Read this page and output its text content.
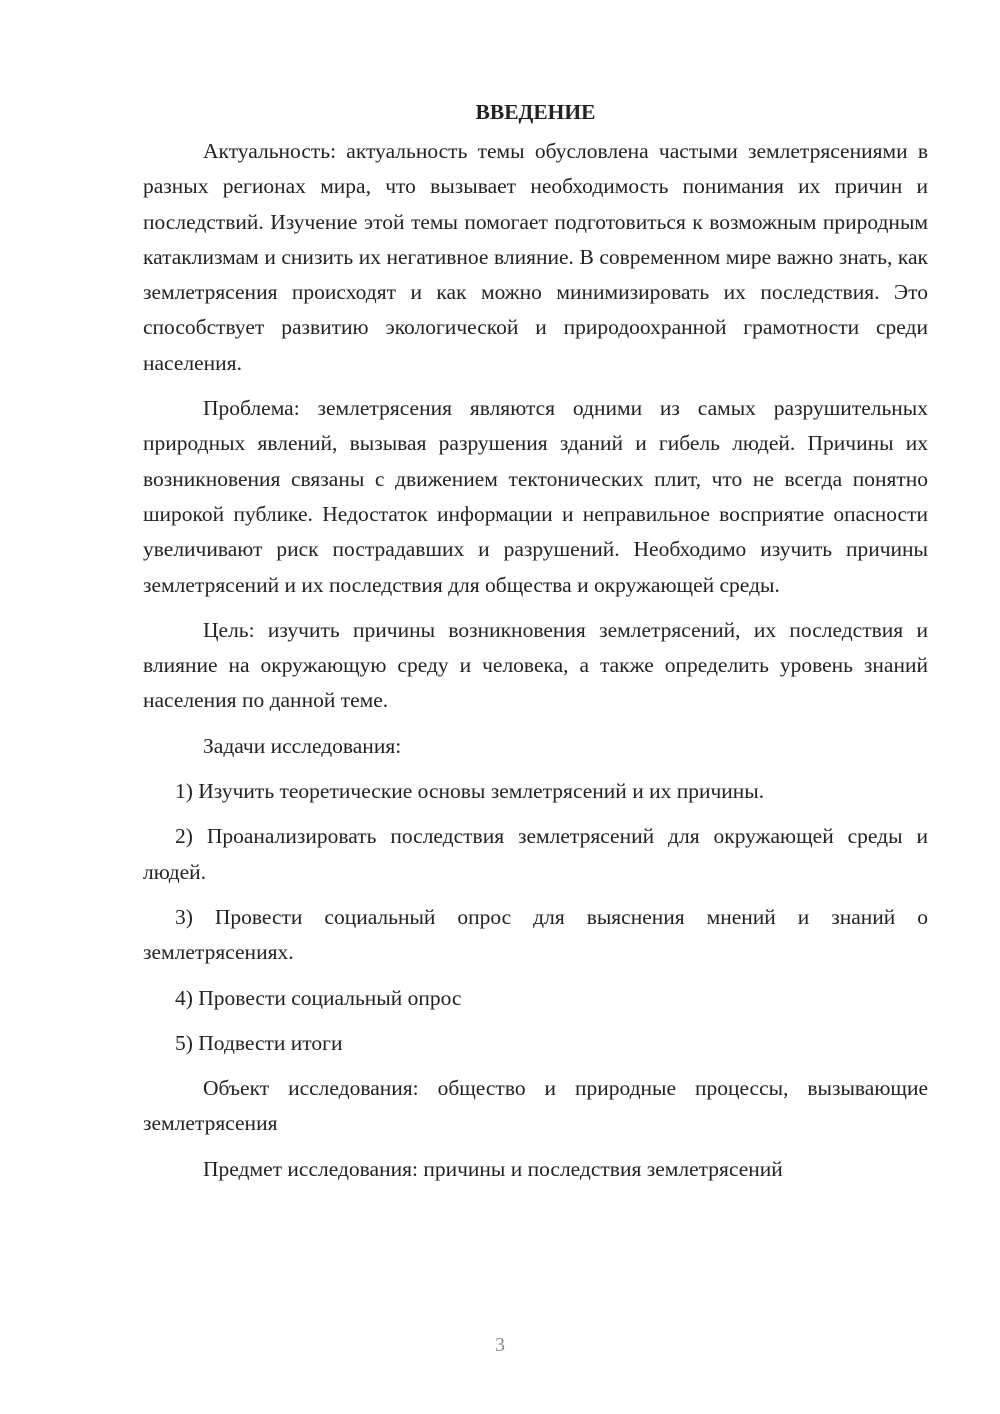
ВВЕДЕНИЕ

Актуальность: актуальность темы обусловлена частыми землетрясениями в разных регионах мира, что вызывает необходимость понимания их причин и последствий. Изучение этой темы помогает подготовиться к возможным природным катаклизмам и снизить их негативное влияние. В современном мире важно знать, как землетрясения происходят и как можно минимизировать их последствия. Это способствует развитию экологической и природоохранной грамотности среди населения.

Проблема: землетрясения являются одними из самых разрушительных природных явлений, вызывая разрушения зданий и гибель людей. Причины их возникновения связаны с движением тектонических плит, что не всегда понятно широкой публике. Недостаток информации и неправильное восприятие опасности увеличивают риск пострадавших и разрушений. Необходимо изучить причины землетрясений и их последствия для общества и окружающей среды.

Цель: изучить причины возникновения землетрясений, их последствия и влияние на окружающую среду и человека, а также определить уровень знаний населения по данной теме.

Задачи исследования:

1) Изучить теоретические основы землетрясений и их причины.

2) Проанализировать последствия землетрясений для окружающей среды и людей.

3) Провести социальный опрос для выяснения мнений и знаний о землетрясениях.

4) Провести социальный опрос

5) Подвести итоги

Объект исследования: общество и природные процессы, вызывающие землетрясения

Предмет исследования: причины и последствия землетрясений

3
